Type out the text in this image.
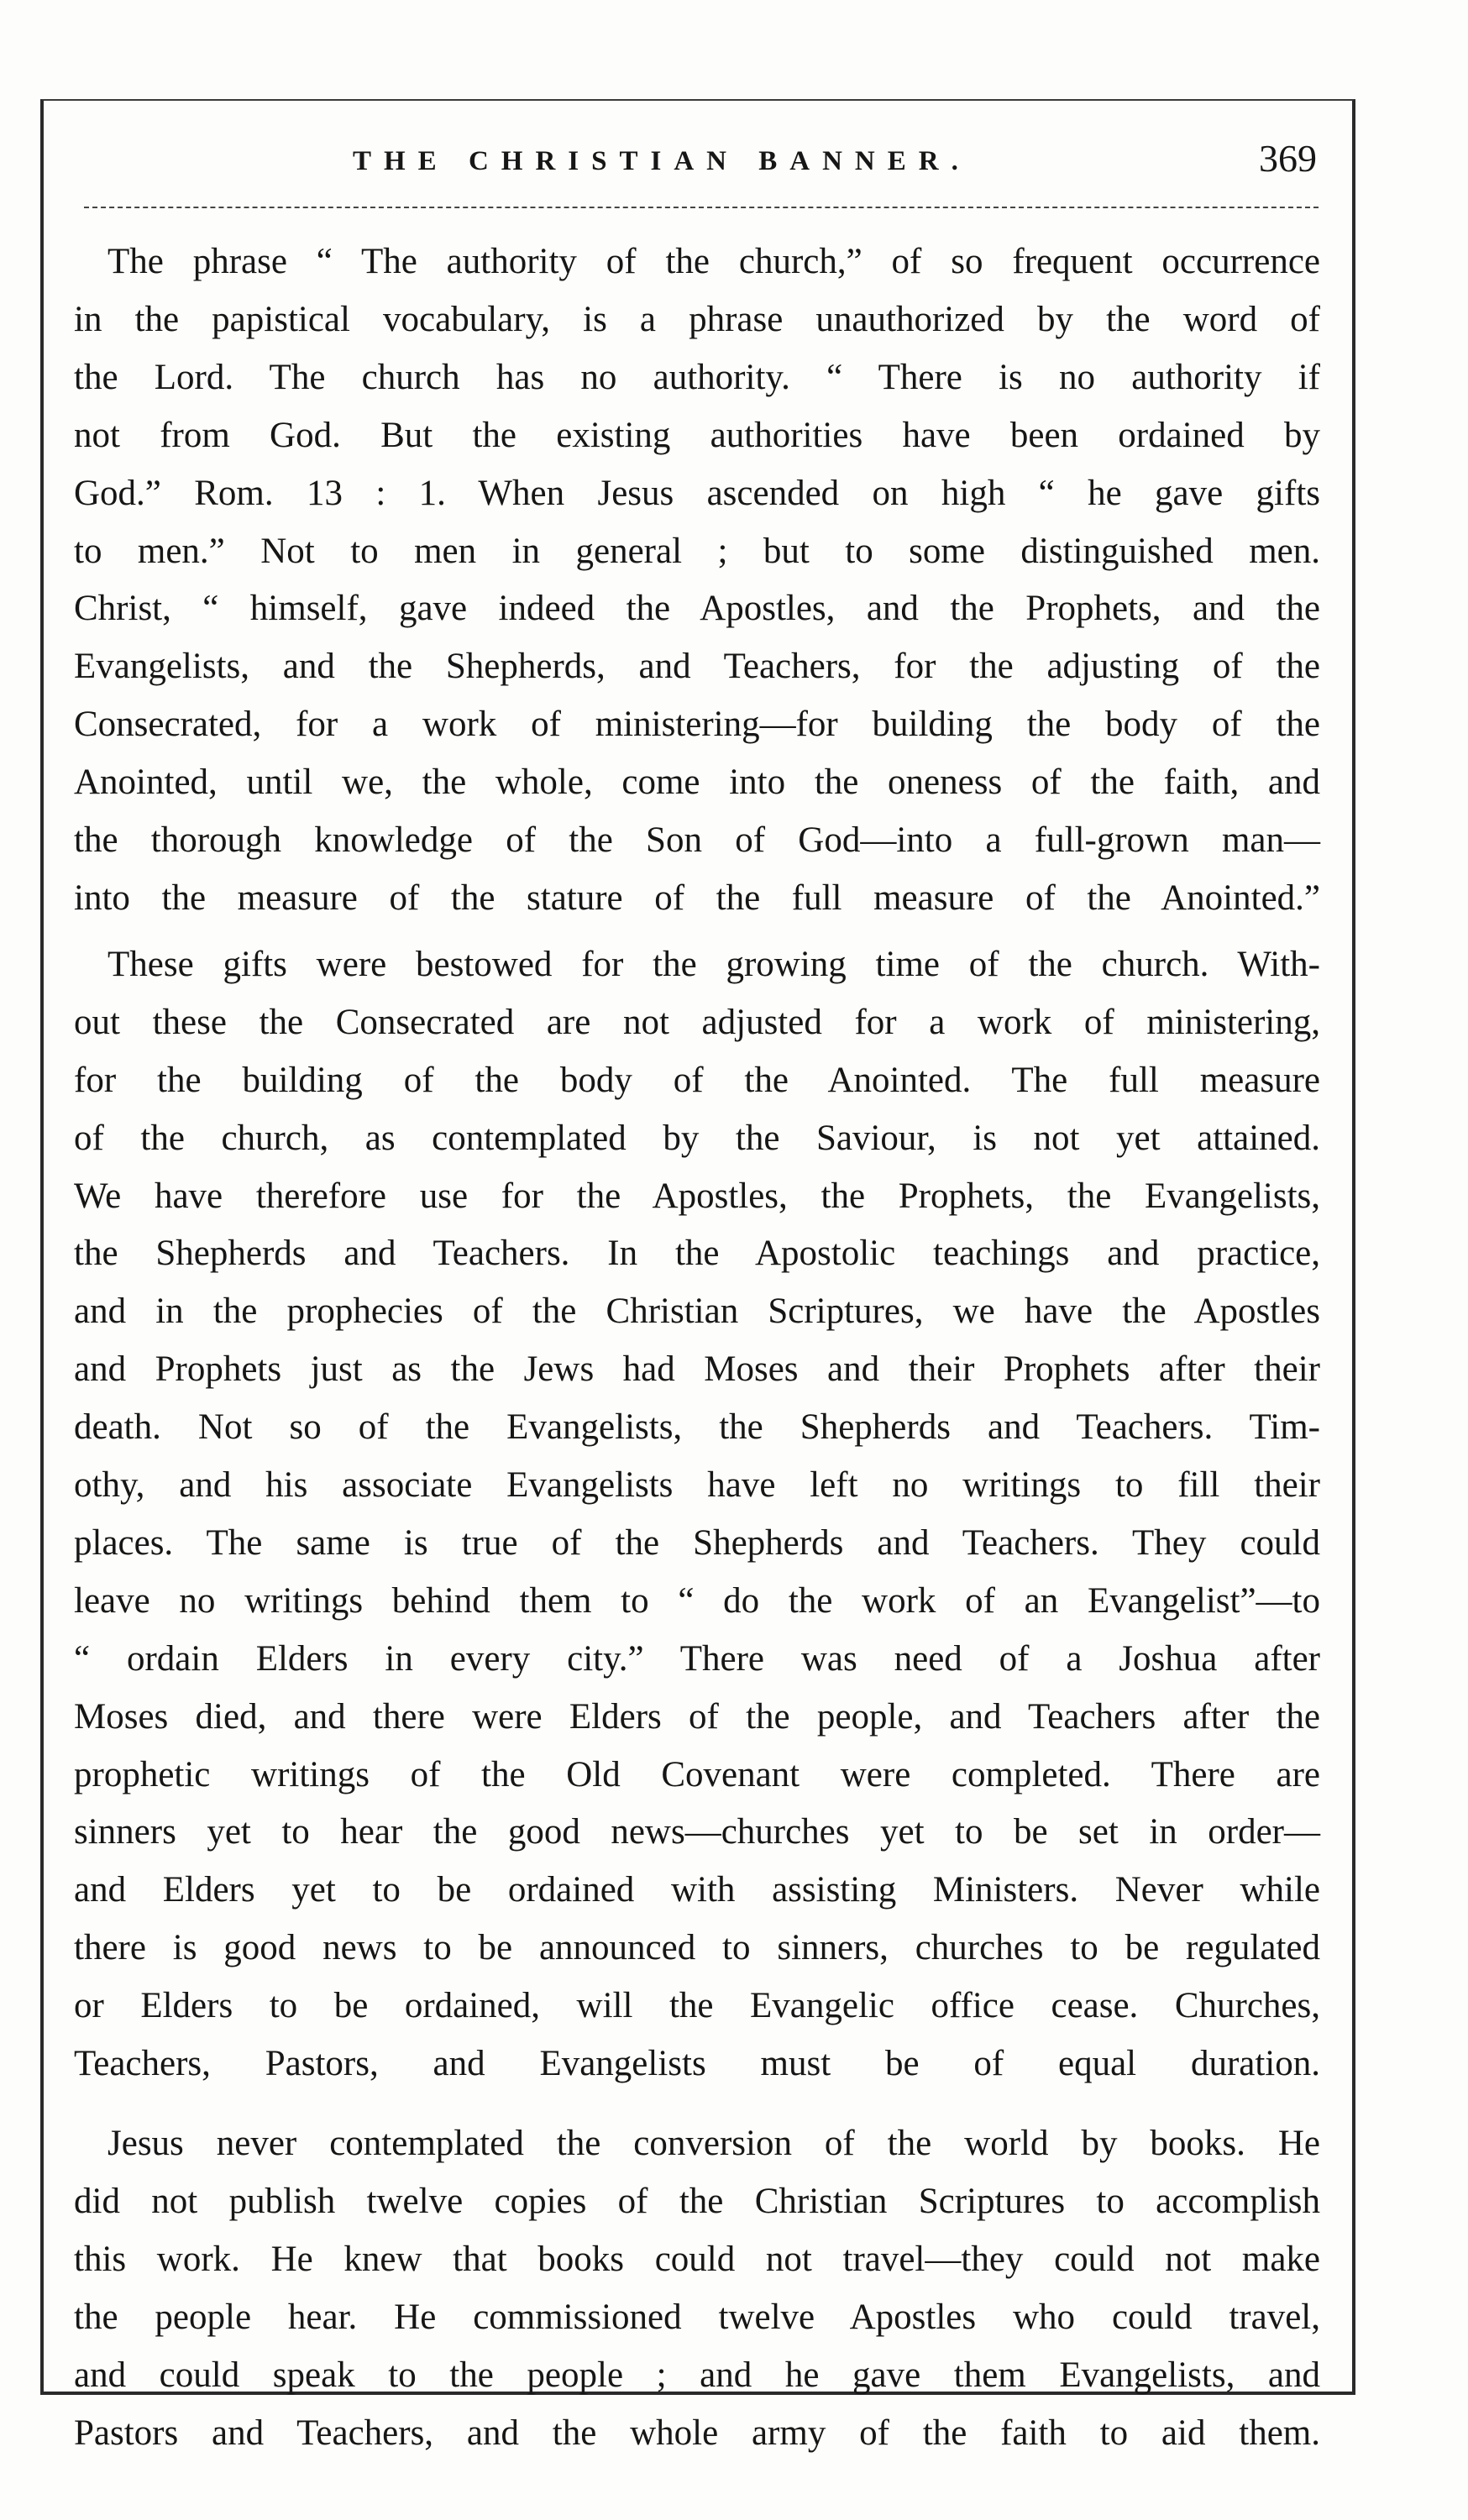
THE CHRISTIAN BANNER.	369
The phrase “ The authority of the church,” of so frequent occurrence
in the papistical vocabulary, is a phrase unauthorized by the word of
the Lord. The church has no authority. “ There is no authority if
not from God. But the existing authorities have been ordained by
God.” Rom. 13 : 1. When Jesus ascended on high “ he gave gifts
to men.” Not to men in general ; but to some distinguished men.
Christ, “ himself, gave indeed the Apostles, and the Prophets, and the
Evangelists, and the Shepherds, and Teachers, for the adjusting of the
Consecrated, for a work of ministering—for building the body of the
Anointed, until we, the whole, come into the oneness of the faith, and
the thorough knowledge of the Son of God—into a full-grown man—
into the measure of the stature of the full measure of the Anointed.”
These gifts were bestowed for the growing time of the church. With-
out these the Consecrated are not adjusted for a work of ministering,
for the building of the body of the Anointed. The full measure
of the church, as contemplated by the Saviour, is not yet attained.
We have therefore use for the Apostles, the Prophets, the Evangelists,
the Shepherds and Teachers. In the Apostolic teachings and practice,
and in the prophecies of the Christian Scriptures, we have the Apostles
and Prophets just as the Jews had Moses and their Prophets after their
death. Not so of the Evangelists, the Shepherds and Teachers. Tim-
othy, and his associate Evangelists have left no writings to fill their
places. The same is true of the Shepherds and Teachers. They could
leave no writings behind them to “ do the work of an Evangelist”—to
“ ordain Elders in every city.” There was need of a Joshua after
Moses died, and there were Elders of the people, and Teachers after the
prophetic writings of the Old Covenant were completed. There are
sinners yet to hear the good news—churches yet to be set in order—
and Elders yet to be ordained with assisting Ministers. Never while
there is good news to be announced to sinners, churches to be regulated
or Elders to be ordained, will the Evangelic office cease. Churches,
Teachers, Pastors, and Evangelists must be of equal duration.
Jesus never contemplated the conversion of the world by books. He
did not publish twelve copies of the Christian Scriptures to accomplish
this work. He knew that books could not travel—they could not make
the people hear. He commissioned twelve Apostles who could travel,
and could speak to the people ; and he gave them Evangelists, and
Pastors and Teachers, and the whole army of the faith to aid them.
